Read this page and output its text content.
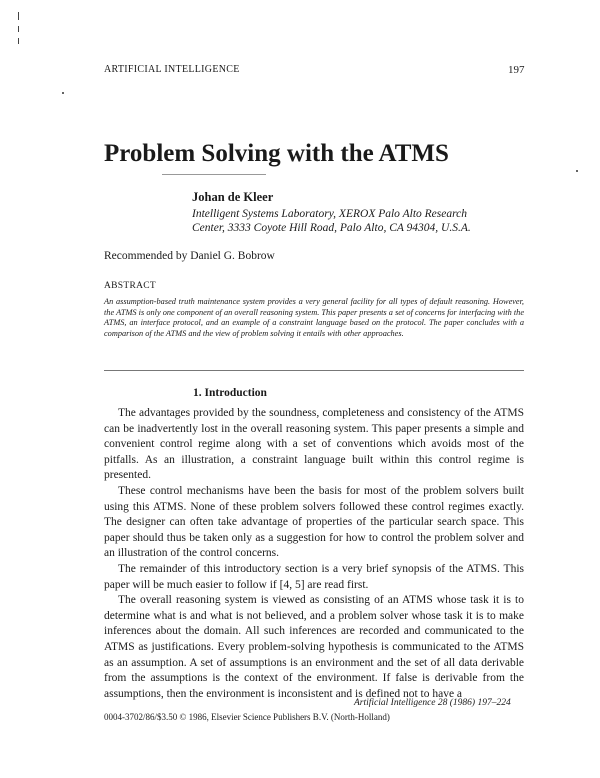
ARTIFICIAL INTELLIGENCE	197
Problem Solving with the ATMS
Johan de Kleer
Intelligent Systems Laboratory, XEROX Palo Alto Research
Center, 3333 Coyote Hill Road, Palo Alto, CA 94304, U.S.A.
Recommended by Daniel G. Bobrow
ABSTRACT

An assumption-based truth maintenance system provides a very general facility for all types of default reasoning. However, the ATMS is only one component of an overall reasoning system. This paper presents a set of concerns for interfacing with the ATMS, an interface protocol, and an example of a constraint language based on the protocol. The paper concludes with a comparison of the ATMS and the view of problem solving it entails with other approaches.

1. Introduction

The advantages provided by the soundness, completeness and consistency of the ATMS can be inadvertently lost in the overall reasoning system. This paper presents a simple and convenient control regime along with a set of conventions which avoids most of the pitfalls. As an illustration, a constraint language built within this control regime is presented.

These control mechanisms have been the basis for most of the problem solvers built using this ATMS. None of these problem solvers followed these control regimes exactly. The designer can often take advantage of properties of the particular search space. This paper should thus be taken only as a suggestion for how to control the problem solver and an illustration of the control concerns.

The remainder of this introductory section is a very brief synopsis of the ATMS. This paper will be much easier to follow if [4, 5] are read first.

The overall reasoning system is viewed as consisting of an ATMS whose task it is to determine what is and what is not believed, and a problem solver whose task it is to make inferences about the domain. All such inferences are recorded and communicated to the ATMS as justifications. Every problem-solving hypothesis is communicated to the ATMS as an assumption. A set of assumptions is an environment and the set of all data derivable from the assumptions is the context of the environment. If false is derivable from the assumptions, then the environment is inconsistent and is defined not to have a

Artificial Intelligence 28 (1986) 197–224
0004-3702/86/$3.50 © 1986, Elsevier Science Publishers B.V. (North-Holland)
